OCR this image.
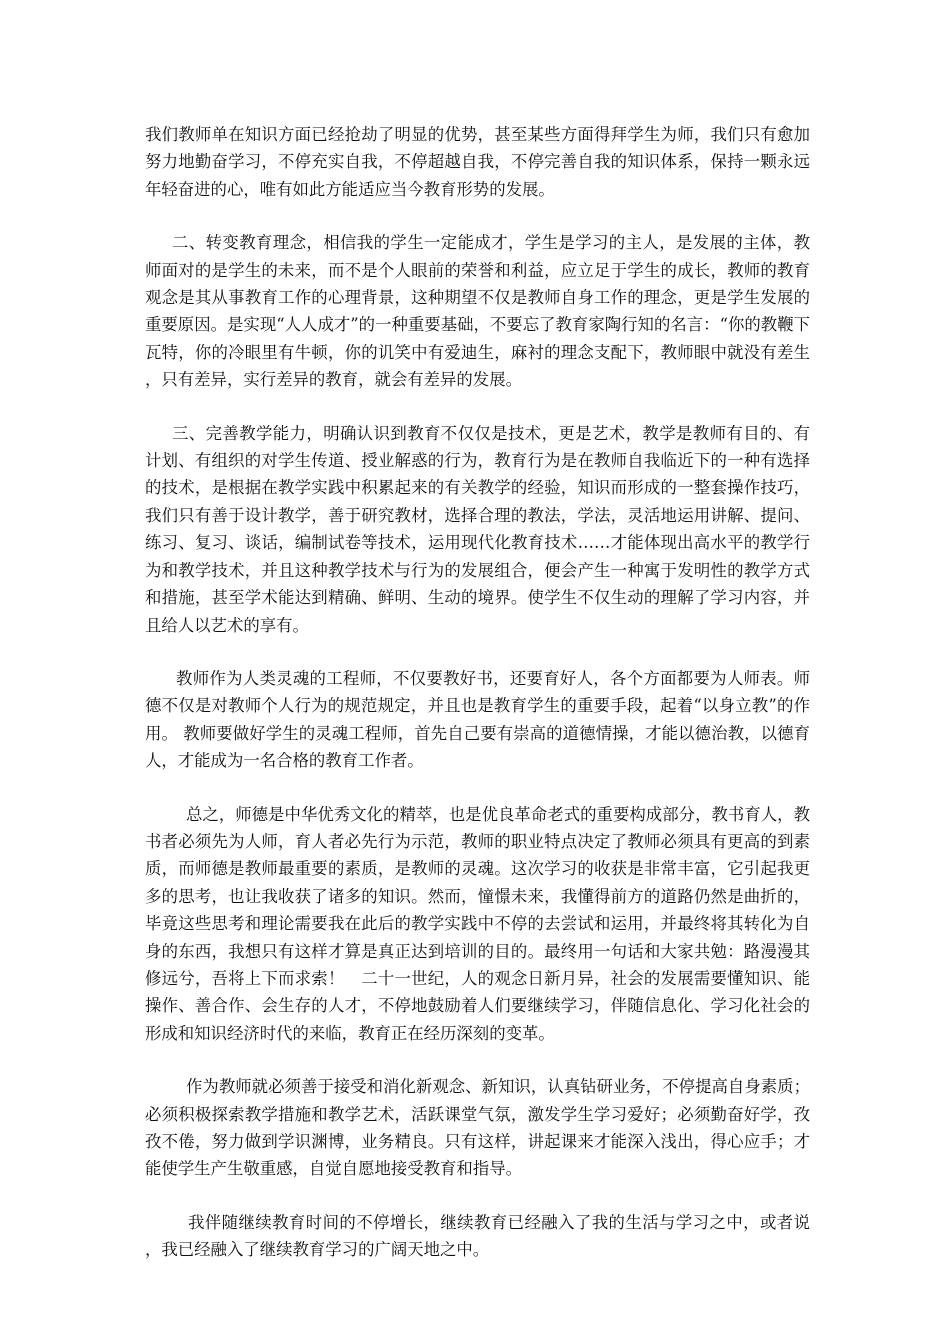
我们教师单在知识方面已经抢劫了明显的优势，甚至某些方面得拜学生为师，我们只有愈加努力地勤奋学习，不停充实自我，不停超越自我，不停完善自我的知识体系，保持一颗永远年轻奋进的心，唯有如此方能适应当今教育形势的发展。

二、转变教育理念，相信我的学生一定能成才，学生是学习的主人，是发展的主体，教师面对的是学生的未来，而不是个人眼前的荣誉和利益，应立足于学生的成长，教师的教育观念是其从事教育工作的心理背景，这种期望不仅是教师自身工作的理念，更是学生发展的重要原因。是实现“人人成才”的一种重要基础，不要忘了教育家陶行知的名言：“你的教鞭下瓦特，你的冷眼里有牛顿，你的讥笑中有爱迪生，麻衬的理念支配下，教师眼中就没有差生，只有差异，实行差异的教育，就会有差异的发展。

三、完善教学能力，明确认识到教育不仅仅是技术，更是艺术，教学是教师有目的、有计划、有组织的对学生传道、授业解惑的行为，教育行为是在教师自我临近下的一种有选择的技术，是根据在教学实践中积累起来的有关教学的经验，知识而形成的一整套操作技巧，我们只有善于设计教学，善于研究教材，选择合理的教法，学法，灵活地运用讲解、提问、练习、复习、谈话，编制试卷等技术，运用现代化教育技术……才能体现出高水平的教学行为和教学技术，并且这种教学技术与行为的发展组合，便会产生一种寓于发明性的教学方式和措施，甚至学术能达到精确、鲜明、生动的境界。使学生不仅生动的理解了学习内容，并且给人以艺术的享有。

教师作为人类灵魂的工程师，不仅要教好书，还要育好人，各个方面都要为人师表。师德不仅是对教师个人行为的规范规定，并且也是教育学生的重要手段，起着“以身立教”的作用。 教师要做好学生的灵魂工程师，首先自己要有崇高的道德情操，才能以德治教，以德育人，才能成为一名合格的教育工作者。

总之，师德是中华优秀文化的精萃，也是优良革命老式的重要构成部分，教书育人，教书者必须先为人师，育人者必先行为示范，教师的职业特点决定了教师必须具有更高的到素质，而师德是教师最重要的素质，是教师的灵魂。这次学习的收获是非常丰富，它引起我更多的思考，也让我收获了诸多的知识。然而，憧憬未来，我懂得前方的道路仍然是曲折的，毕竟这些思考和理论需要我在此后的教学实践中不停的去尝试和运用，并最终将其转化为自身的东西，我想只有这样才算是真正达到培训的目的。最终用一句话和大家共勉：路漫漫其修远兮，吾将上下而求索！　二十一世纪，人的观念日新月异，社会的发展需要懂知识、能操作、善合作、会生存的人才，不停地鼓励着人们要继续学习，伴随信息化、学习化社会的形成和知识经济时代的来临，教育正在经历深刻的变革。

作为教师就必须善于接受和消化新观念、新知识，认真钻研业务，不停提高自身素质；必须积极探索教学措施和教学艺术，活跃课堂气氛，激发学生学习爱好；必须勤奋好学，孜孜不倦，努力做到学识渊博，业务精良。只有这样，讲起课来才能深入浅出，得心应手；才能使学生产生敬重感，自觉自愿地接受教育和指导。

我伴随继续教育时间的不停增长，继续教育已经融入了我的生活与学习之中，或者说，我已经融入了继续教育学习的广阔天地之中。
